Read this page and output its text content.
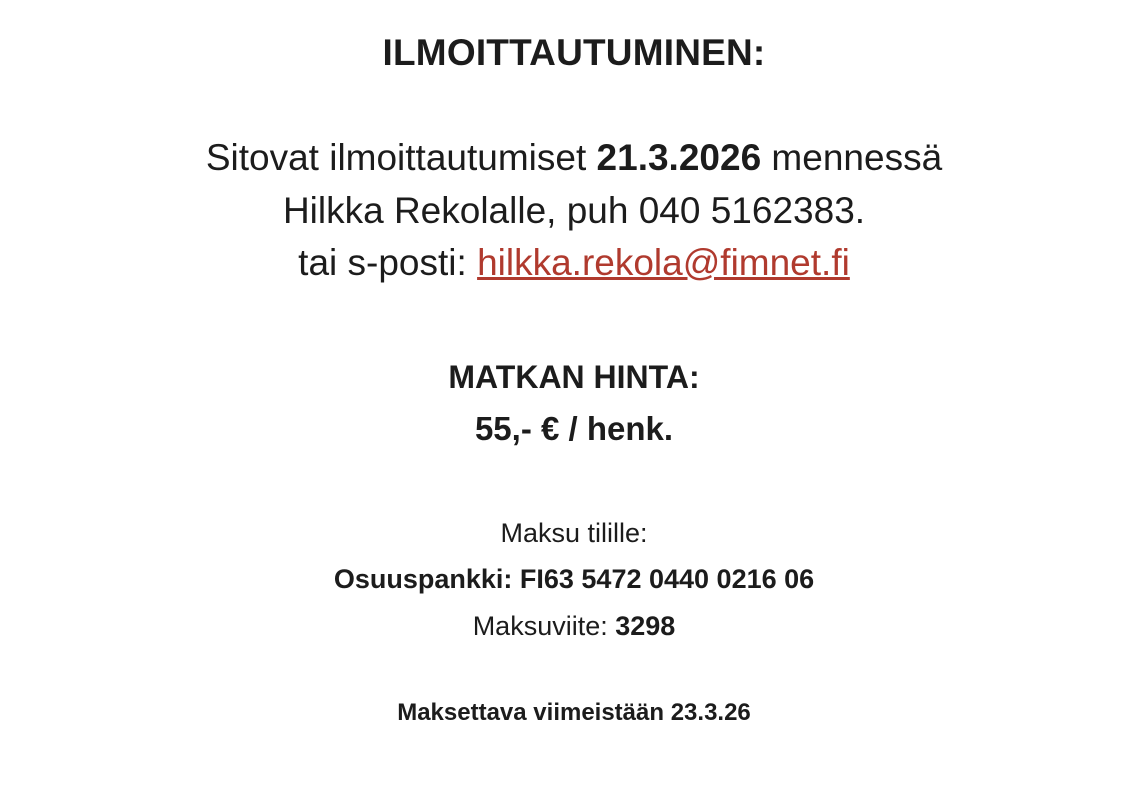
ILMOITTAUTUMINEN:
Sitovat ilmoittautumiset 21.3.2026 mennessä
Hilkka Rekolalle, puh 040 5162383.
tai s-posti: hilkka.rekola@fimnet.fi
MATKAN HINTA:
55,- € / henk.
Maksu tilille:
Osuuspankki: FI63 5472 0440 0216 06
Maksuviite: 3298
Maksettava viimeistään 23.3.26
